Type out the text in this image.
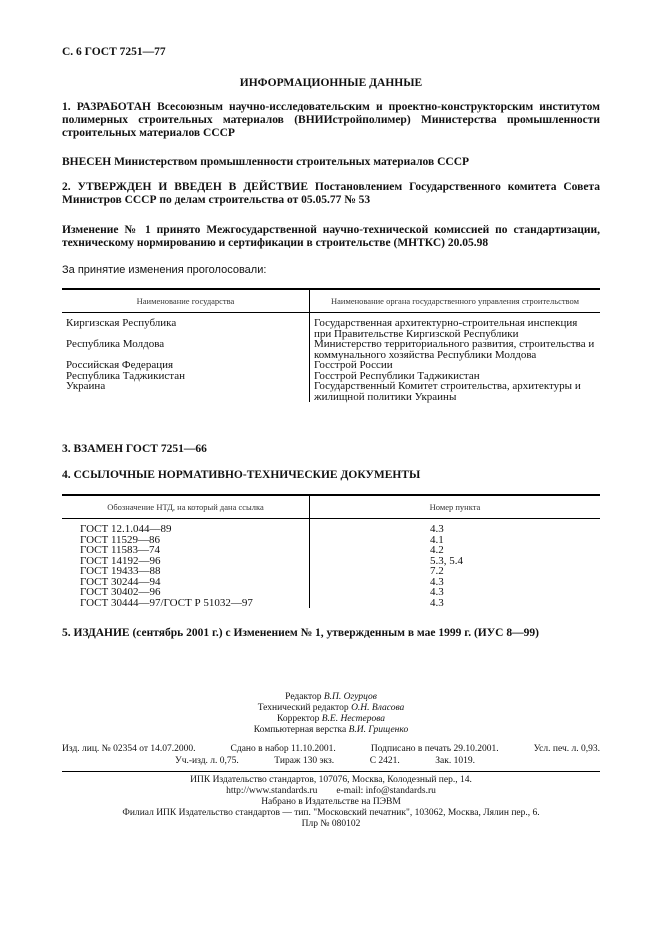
С. 6 ГОСТ 7251—77
ИНФОРМАЦИОННЫЕ ДАННЫЕ
1. РАЗРАБОТАН Всесоюзным научно-исследовательским и проектно-конструкторским институтом полимерных строительных материалов (ВНИИстройполимер) Министерства промышленности строительных материалов СССР
ВНЕСЕН Министерством промышленности строительных материалов СССР
2. УТВЕРЖДЕН И ВВЕДЕН В ДЕЙСТВИЕ Постановлением Государственного комитета Совета Министров СССР по делам строительства от 05.05.77 № 53
Изменение № 1 принято Межгосударственной научно-технической комиссией по стандартизации, техническому нормированию и сертификации в строительстве (МНТКС) 20.05.98
За принятие изменения проголосовали:
Наименование государства	Наименование органа государственного управления строительством
Киргизская Республика	Государственная архитектурно-строительная инспекция при Правительстве Киргизской Республики
Республика Молдова	Министерство территориального развития, строительства и коммунального хозяйства Республики Молдова
Российская Федерация	Госстрой России
Республика Таджикистан	Госстрой Республики Таджикистан
Украина	Государственный Комитет строительства, архитектуры и жилищной политики Украины
3. ВЗАМЕН ГОСТ 7251—66
4. ССЫЛОЧНЫЕ НОРМАТИВНО-ТЕХНИЧЕСКИЕ ДОКУМЕНТЫ
Обозначение НТД, на который дана ссылка	Номер пункта
ГОСТ 12.1.044—89	4.3
ГОСТ 11529—86	4.1
ГОСТ 11583—74	4.2
ГОСТ 14192—96	5.3, 5.4
ГОСТ 19433—88	7.2
ГОСТ 30244—94	4.3
ГОСТ 30402—96	4.3
ГОСТ 30444—97/ГОСТ Р 51032—97	4.3
5. ИЗДАНИЕ (сентябрь 2001 г.) с Изменением № 1, утвержденным в мае 1999 г. (ИУС 8—99)
Редактор В.П. Огурцов
Технический редактор О.Н. Власова
Корректор В.Е. Нестерова
Компьютерная верстка В.И. Грищенко
Изд. лиц. № 02354 от 14.07.2000.	Сдано в набор 11.10.2001.	Подписано в печать 29.10.2001.	Усл. печ. л. 0,93.
Уч.-изд. л. 0,75.	Тираж 130 экз.	С 2421.	Зак. 1019.
ИПК Издательство стандартов, 107076, Москва, Колодезный пер., 14.
http://www.standards.ru e-mail: info@standards.ru
Набрано в Издательстве на ПЭВМ
Филиал ИПК Издательство стандартов — тип. "Московский печатник", 103062, Москва, Лялин пер., 6.
Плр № 080102
